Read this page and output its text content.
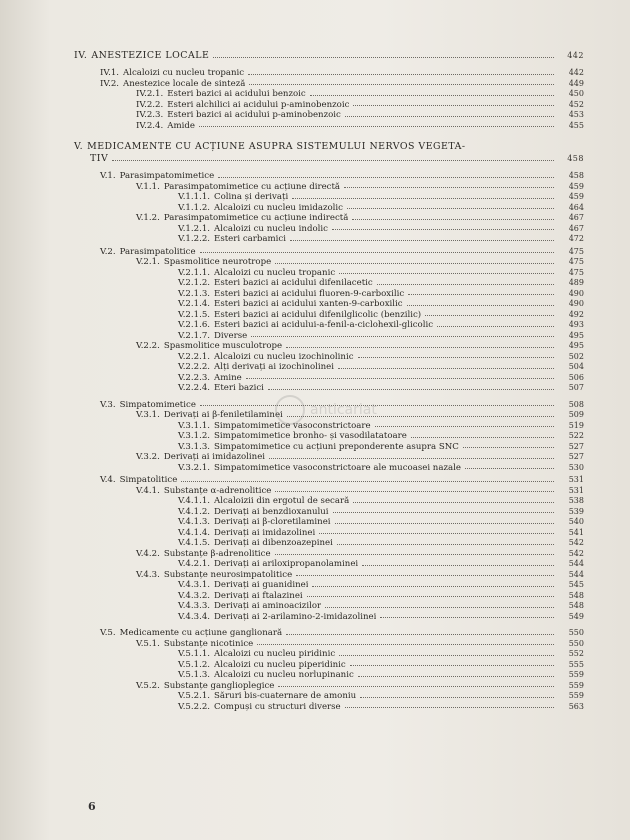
IV. ANESTEZICE LOCALE	442
IV.1. Alcaloizi cu nucleu tropanic	442
IV.2. Anestezice locale de sinteză	449
IV.2.1. Esteri bazici ai acidului benzoic	450
IV.2.2. Esteri alchilici ai acidului p-aminobenzoic	452
IV.2.3. Esteri bazici ai acidului p-aminobenzoic	453
IV.2.4. Amide	455
V. MEDICAMENTE CU ACȚIUNE ASUPRA SISTEMULUI NERVOS VEGETA-
TIV	458
V.1. Parasimpatomimetice	458
V.1.1. Parasimpatomimetice cu acțiune directă	459
V.1.1.1. Colina și derivați	459
V.1.1.2. Alcaloizi cu nucleu imidazolic	464
V.1.2. Parasimpatomimetice cu acțiune indirectă	467
V.1.2.1. Alcaloizi cu nucleu indolic	467
V.1.2.2. Esteri carbamici	472
V.2. Parasimpatolitice	475
V.2.1. Spasmolitice neurotrope	475
V.2.1.1. Alcaloizi cu nucleu tropanic	475
V.2.1.2. Esteri bazici ai acidului difenilacetic	489
V.2.1.3. Esteri bazici ai acidului fluoren-9-carboxilic	490
V.2.1.4. Esteri bazici ai acidului xanten-9-carboxilic	490
V.2.1.5. Esteri bazici ai acidului difenilglicolic (benzilic)	492
V.2.1.6. Esteri bazici ai acidului-a-fenil-a-ciclohexil-glicolic	493
V.2.1.7. Diverse	495
V.2.2. Spasmolitice musculotrope	495
V.2.2.1. Alcaloizi cu nucleu izochinolinic	502
V.2.2.2. Alți derivați ai izochinolinei	504
V.2.2.3. Amine	506
V.2.2.4. Eteri bazici	507
V.3. Simpatomimetice	508
V.3.1. Derivați ai β-feniletilaminei	509
V.3.1.1. Simpatomimetice vasoconstrictoare	519
V.3.1.2. Simpatomimetice bronho- și vasodilatatoare	522
V.3.1.3. Simpatomimetice cu acțiuni preponderente asupra SNC	527
V.3.2. Derivați ai imidazolinei	527
V.3.2.1. Simpatomimetice vasoconstrictoare ale mucoasei nazale	530
V.4. Simpatolitice	531
V.4.1. Substanțe α-adrenolitice	531
V.4.1.1. Alcaloizii din ergotul de secară	538
V.4.1.2. Derivați ai benzdioxanului	539
V.4.1.3. Derivați ai β-cloretilaminei	540
V.4.1.4. Derivați ai imidazolinei	541
V.4.1.5. Derivați ai dibenzoazepinei	542
V.4.2. Substanțe β-adrenolitice	542
V.4.2.1. Derivați ai ariloxipropanolaminei	544
V.4.3. Substanțe neurosimpatolitice	544
V.4.3.1. Derivați ai guanidinei	545
V.4.3.2. Derivați ai ftalazinei	548
V.4.3.3. Derivați ai aminoacizilor	548
V.4.3.4. Derivați ai 2-arilamino-2-imidazolinei	549
V.5. Medicamente cu acțiune ganglionară	550
V.5.1. Substanțe nicotinice	550
V.5.1.1. Alcaloizi cu nucleu piridinic	552
V.5.1.2. Alcaloizi cu nucleu piperidinic	555
V.5.1.3. Alcaloizi cu nucleu norlupinanic	559
V.5.2. Substanțe ganglioplegice	559
V.5.2.1. Săruri bis-cuaternare de amoniu	559
V.5.2.2. Compuși cu structuri diverse	563
anticariat
6
